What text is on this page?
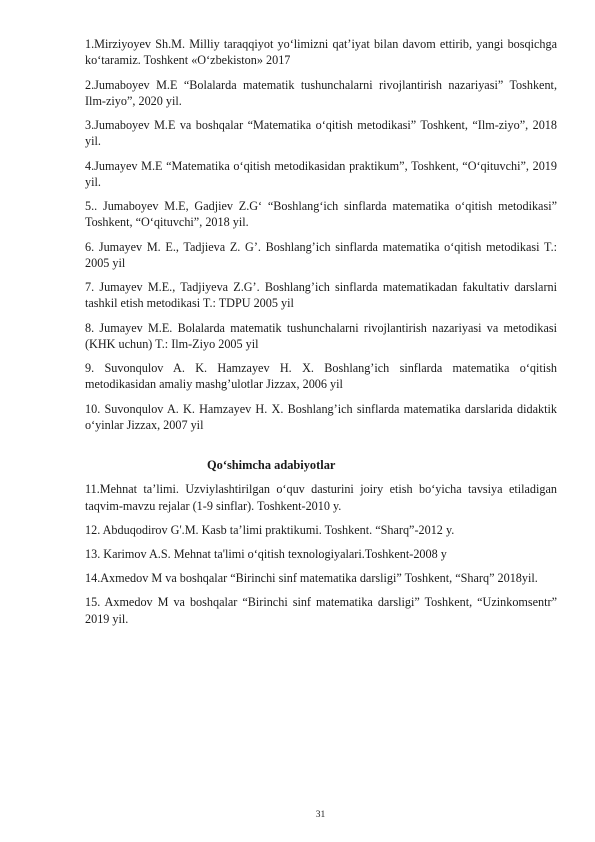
1.Mirziyoyev Sh.M. Milliy taraqqiyot yo‘limizni qat’iyat bilan davom ettirib, yangi bosqichga ko‘taramiz. Toshkent «O‘zbekiston» 2017

2.Jumaboyev M.E “Bolalarda matematik tushunchalarni rivojlantirish nazariyasi” Toshkent, Ilm-ziyo”, 2020 yil.

3.Jumaboyev M.E va boshqalar “Matematika o‘qitish metodikasi” Toshkent, “Ilm-ziyo”, 2018 yil.

4.Jumayev M.E “Matematika o‘qitish metodikasidan praktikum”, Toshkent, “O‘qituvchi”, 2019 yil.

5.. Jumaboyev M.E, Gadjiev Z.G‘ “Boshlang‘ich sinflarda matematika o‘qitish metodikasi” Toshkent, “O‘qituvchi”, 2018 yil.

6. Jumayev M. E., Tadjieva Z. G’. Boshlang’ich sinflarda matematika o‘qitish metodikasi T.: 2005 yil

7. Jumayev M.E., Tadjiyeva Z.G’. Boshlang’ich sinflarda matematikadan fakultativ darslarni tashkil etish metodikasi T.: TDPU 2005 yil

8. Jumayev M.E. Bolalarda matematik tushunchalarni rivojlantirish nazariyasi va metodikasi (KHK uchun) T.: Ilm-Ziyo 2005 yil

9. Suvonqulov A. K. Hamzayev H. X. Boshlang’ich sinflarda matematika o‘qitish metodikasidan amaliy mashg’ulotlar Jizzax, 2006 yil

10. Suvonqulov A. K. Hamzayev H. X. Boshlang’ich sinflarda matematika darslarida didaktik o‘yinlar Jizzax, 2007 yil

Qo‘shimcha adabiyotlar

11.Mehnat ta’limi. Uzviylashtirilgan o‘quv dasturini joiry etish bo‘yicha tavsiya etiladigan taqvim-mavzu rejalar (1-9 sinflar). Toshkent-2010 y.

12. Abduqodirov G'.M. Kasb ta’limi praktikumi. Toshkent. “Sharq”-2012 y.

13. Karimov A.S. Mehnat ta'limi o‘qitish texnologiyalari.Toshkent-2008 y

14.Axmedov M va boshqalar “Birinchi sinf matematika darsligi” Toshkent, “Sharq” 2018yil.

15. Axmedov M va boshqalar “Birinchi sinf matematika darsligi” Toshkent, “Uzinkomsentr” 2019 yil.

31
